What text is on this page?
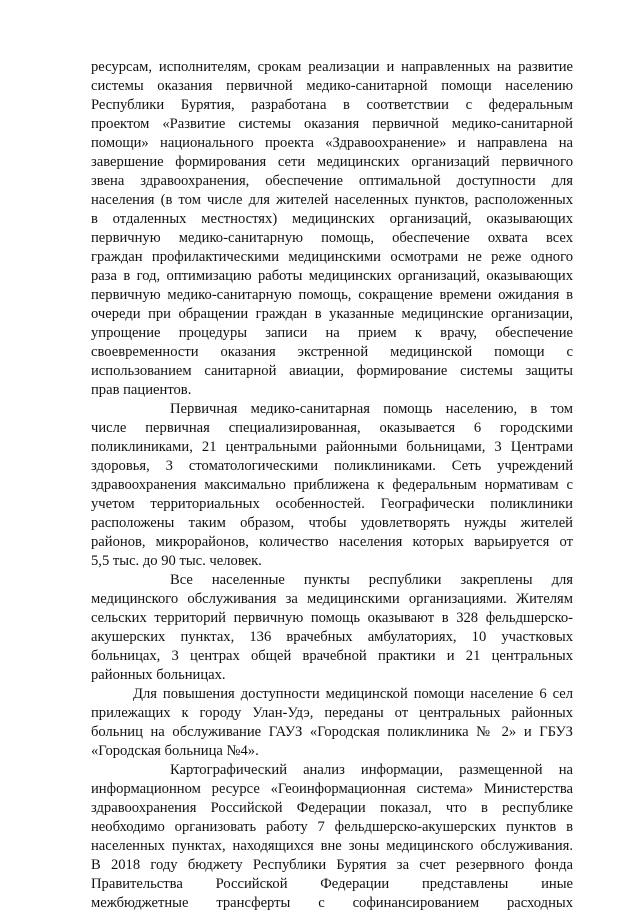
ресурсам, исполнителям, срокам реализации и направленных на развитие
системы оказания первичной медико-санитарной помощи населению
Республики Бурятия, разработана в соответствии с федеральным
проектом «Развитие системы оказания первичной медико-санитарной
помощи» национального проекта «Здравоохранение» и направлена на
завершение формирования сети медицинских организаций первичного
звена здравоохранения, обеспечение оптимальной доступности для
населения (в том числе для жителей населенных пунктов, расположенных
в отдаленных местностях) медицинских организаций, оказывающих
первичную медико-санитарную помощь, обеспечение охвата всех
граждан профилактическими медицинскими осмотрами не реже одного
раза в год, оптимизацию работы медицинских организаций, оказывающих
первичную медико-санитарную помощь, сокращение времени ожидания в
очереди при обращении граждан в указанные медицинские организации,
упрощение процедуры записи на прием к врачу, обеспечение
своевременности оказания экстренной медицинской помощи с
использованием санитарной авиации, формирование системы защиты
прав пациентов.
Первичная медико-санитарная помощь населению, в том
числе первичная специализированная, оказывается 6 городскими
поликлиниками, 21 центральными районными больницами, 3 Центрами
здоровья, 3 стоматологическими поликлиниками. Сеть учреждений
здравоохранения максимально приближена к федеральным нормативам с
учетом территориальных особенностей. Географически поликлиники
расположены таким образом, чтобы удовлетворять нужды жителей
районов, микрорайонов, количество населения которых варьируется от
5,5 тыс. до 90 тыс. человек.
Все населенные пункты республики закреплены для
медицинского обслуживания за медицинскими организациями. Жителям
сельских территорий первичную помощь оказывают в 328 фельдшерско-
акушерских пунктах, 136 врачебных амбулаториях, 10 участковых
больницах, 3 центрах общей врачебной практики и 21 центральных
районных больницах.
Для повышения доступности медицинской помощи население 6 сел
прилежащих к городу Улан-Удэ, переданы от центральных районных
больниц на обслуживание ГАУЗ «Городская поликлиника № 2» и ГБУЗ
«Городская больница №4».
Картографический анализ информации, размещенной на
информационном ресурсе «Геоинформационная система» Министерства
здравоохранения Российской Федерации показал, что в республике
необходимо организовать работу 7 фельдшерско-акушерских пунктов в
населенных пунктах, находящихся вне зоны медицинского обслуживания.
В 2018 году бюджету Республики Бурятия за счет резервного фонда
Правительства Российской Федерации представлены иные
межбюджетные трансферты с софинансированием расходных
